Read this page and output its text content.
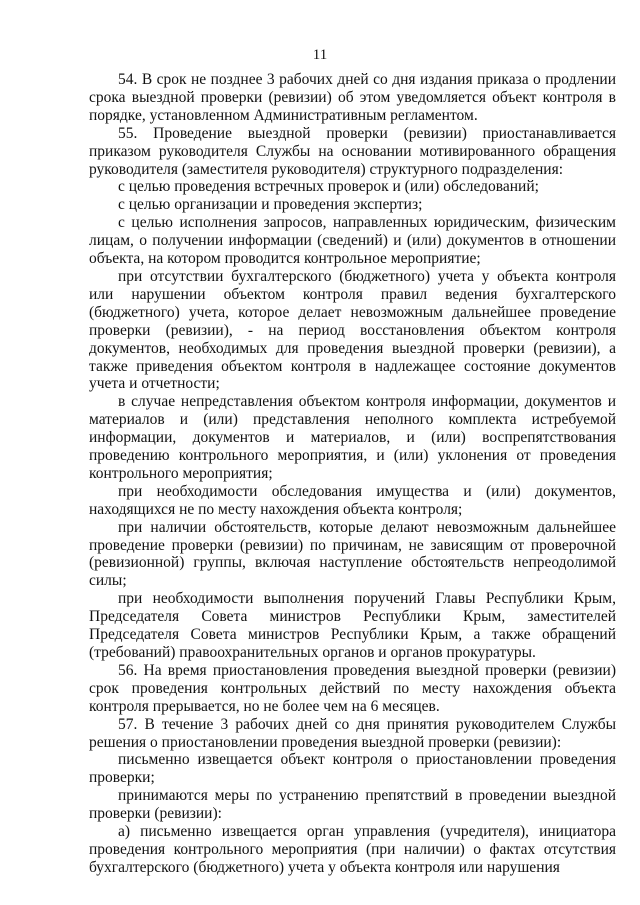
11

54. В срок не позднее 3 рабочих дней со дня издания приказа о продлении срока выездной проверки (ревизии) об этом уведомляется объект контроля в порядке, установленном Административным регламентом.

55. Проведение выездной проверки (ревизии) приостанавливается приказом руководителя Службы на основании мотивированного обращения руководителя (заместителя руководителя) структурного подразделения:

с целью проведения встречных проверок и (или) обследований;

с целью организации и проведения экспертиз;

с целью исполнения запросов, направленных юридическим, физическим лицам, о получении информации (сведений) и (или) документов в отношении объекта, на котором проводится контрольное мероприятие;

при отсутствии бухгалтерского (бюджетного) учета у объекта контроля или нарушении объектом контроля правил ведения бухгалтерского (бюджетного) учета, которое делает невозможным дальнейшее проведение проверки (ревизии), - на период восстановления объектом контроля документов, необходимых для проведения выездной проверки (ревизии), а также приведения объектом контроля в надлежащее состояние документов учета и отчетности;

в случае непредставления объектом контроля информации, документов и материалов и (или) представления неполного комплекта истребуемой информации, документов и материалов, и (или) воспрепятствования проведению контрольного мероприятия, и (или) уклонения от проведения контрольного мероприятия;

при необходимости обследования имущества и (или) документов, находящихся не по месту нахождения объекта контроля;

при наличии обстоятельств, которые делают невозможным дальнейшее проведение проверки (ревизии) по причинам, не зависящим от проверочной (ревизионной) группы, включая наступление обстоятельств непреодолимой силы;

при необходимости выполнения поручений Главы Республики Крым, Председателя Совета министров Республики Крым, заместителей Председателя Совета министров Республики Крым, а также обращений (требований) правоохранительных органов и органов прокуратуры.

56. На время приостановления проведения выездной проверки (ревизии) срок проведения контрольных действий по месту нахождения объекта контроля прерывается, но не более чем на 6 месяцев.

57. В течение 3 рабочих дней со дня принятия руководителем Службы решения о приостановлении проведения выездной проверки (ревизии):

письменно извещается объект контроля о приостановлении проведения проверки;

принимаются меры по устранению препятствий в проведении выездной проверки (ревизии):

а) письменно извещается орган управления (учредителя), инициатора проведения контрольного мероприятия (при наличии) о фактах отсутствия бухгалтерского (бюджетного) учета у объекта контроля или нарушения
